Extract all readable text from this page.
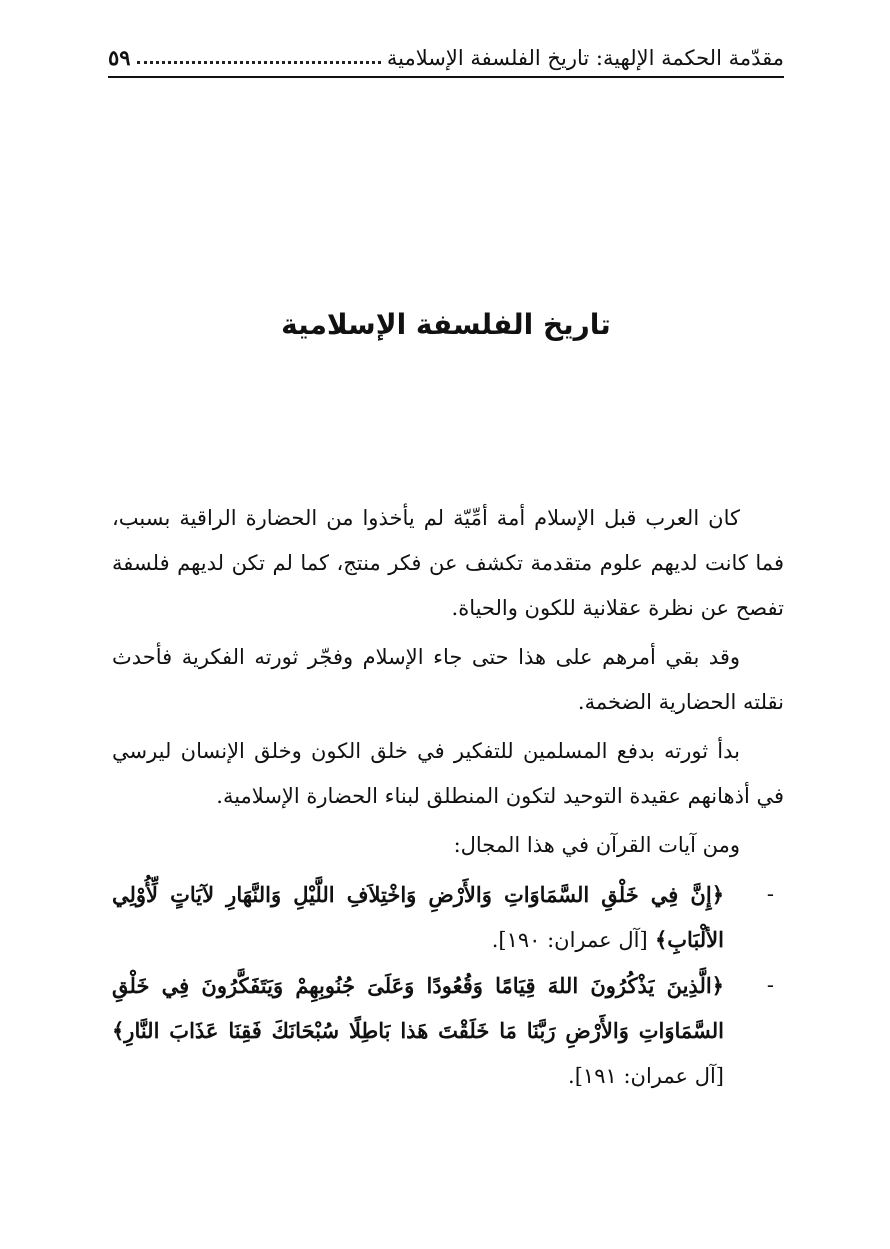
مقدّمة الحكمة الإلهية: تاريخ الفلسفة الإسلامية
٥٩
تاريخ الفلسفة الإسلامية

كان العرب قبل الإسلام أمة أمِّيّة لم يأخذوا من الحضارة الراقية بسبب، فما كانت لديهم علوم متقدمة تكشف عن فكر منتج، كما لم تكن لديهم فلسفة تفصح عن نظرة عقلانية للكون والحياة.

وقد بقي أمرهم على هذا حتى جاء الإسلام وفجّر ثورته الفكرية فأحدث نقلته الحضارية الضخمة.

بدأ ثورته بدفع المسلمين للتفكير في خلق الكون وخلق الإنسان ليرسي في أذهانهم عقيدة التوحيد لتكون المنطلق لبناء الحضارة الإسلامية.

ومن آيات القرآن في هذا المجال:

-
﴿إِنَّ فِي خَلْقِ السَّمَاوَاتِ وَالأَرْضِ وَاخْتِلاَفِ اللَّيْلِ وَالنَّهَارِ لآيَاتٍ لِّأُوْلِي الألْبَابِ﴾ [آل عمران: ١٩٠].
-
﴿الَّذِينَ يَذْكُرُونَ اللهَ قِيَامًا وَقُعُودًا وَعَلَىَ جُنُوبِهِمْ وَيَتَفَكَّرُونَ فِي خَلْقِ السَّمَاوَاتِ وَالأَرْضِ رَبَّنَا مَا خَلَقْتَ هَذا بَاطِلًا سُبْحَانَكَ فَقِنَا عَذَابَ النَّارِ﴾ [آل عمران: ١٩١].
